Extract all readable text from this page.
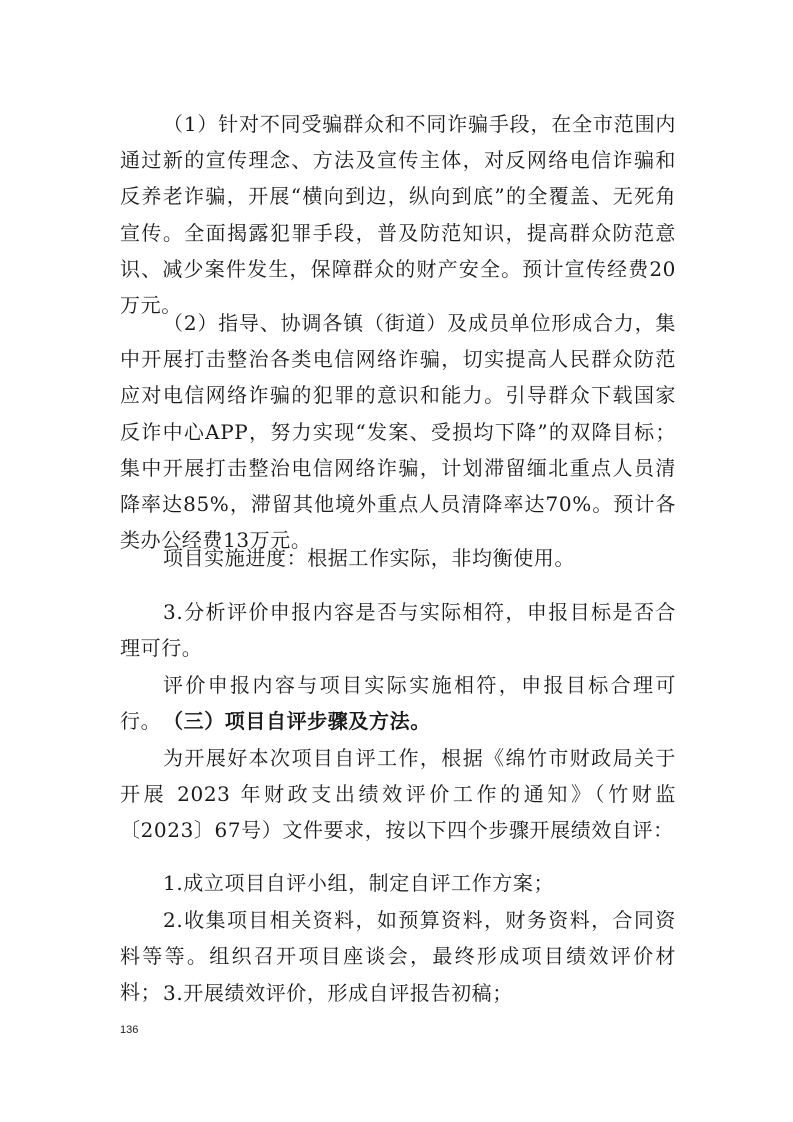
（1）针对不同受骗群众和不同诈骗手段，在全市范围内通过新的宣传理念、方法及宣传主体，对反网络电信诈骗和反养老诈骗，开展“横向到边，纵向到底”的全覆盖、无死角宣传。全面揭露犯罪手段，普及防范知识，提高群众防范意识、减少案件发生，保障群众的财产安全。预计宣传经费20万元。

（2）指导、协调各镇（街道）及成员单位形成合力，集中开展打击整治各类电信网络诈骗，切实提高人民群众防范应对电信网络诈骗的犯罪的意识和能力。引导群众下载国家反诈中心APP，努力实现“发案、受损均下降”的双降目标；集中开展打击整治电信网络诈骗，计划滞留缅北重点人员清降率达85%，滞留其他境外重点人员清降率达70%。预计各类办公经费13万元。

项目实施进度：根据工作实际，非均衡使用。

3.分析评价申报内容是否与实际相符，申报目标是否合理可行。

评价申报内容与项目实际实施相符，申报目标合理可行。 （三）项目自评步骤及方法。

为开展好本次项目自评工作，根据《绵竹市财政局关于开展 2023 年财政支出绩效评价工作的通知》（竹财监〔2023〕67号）文件要求，按以下四个步骤开展绩效自评：

1.成立项目自评小组，制定自评工作方案；

2.收集项目相关资料，如预算资料，财务资料，合同资料等等。组织召开项目座谈会，最终形成项目绩效评价材料； 3.开展绩效评价，形成自评报告初稿；

136
